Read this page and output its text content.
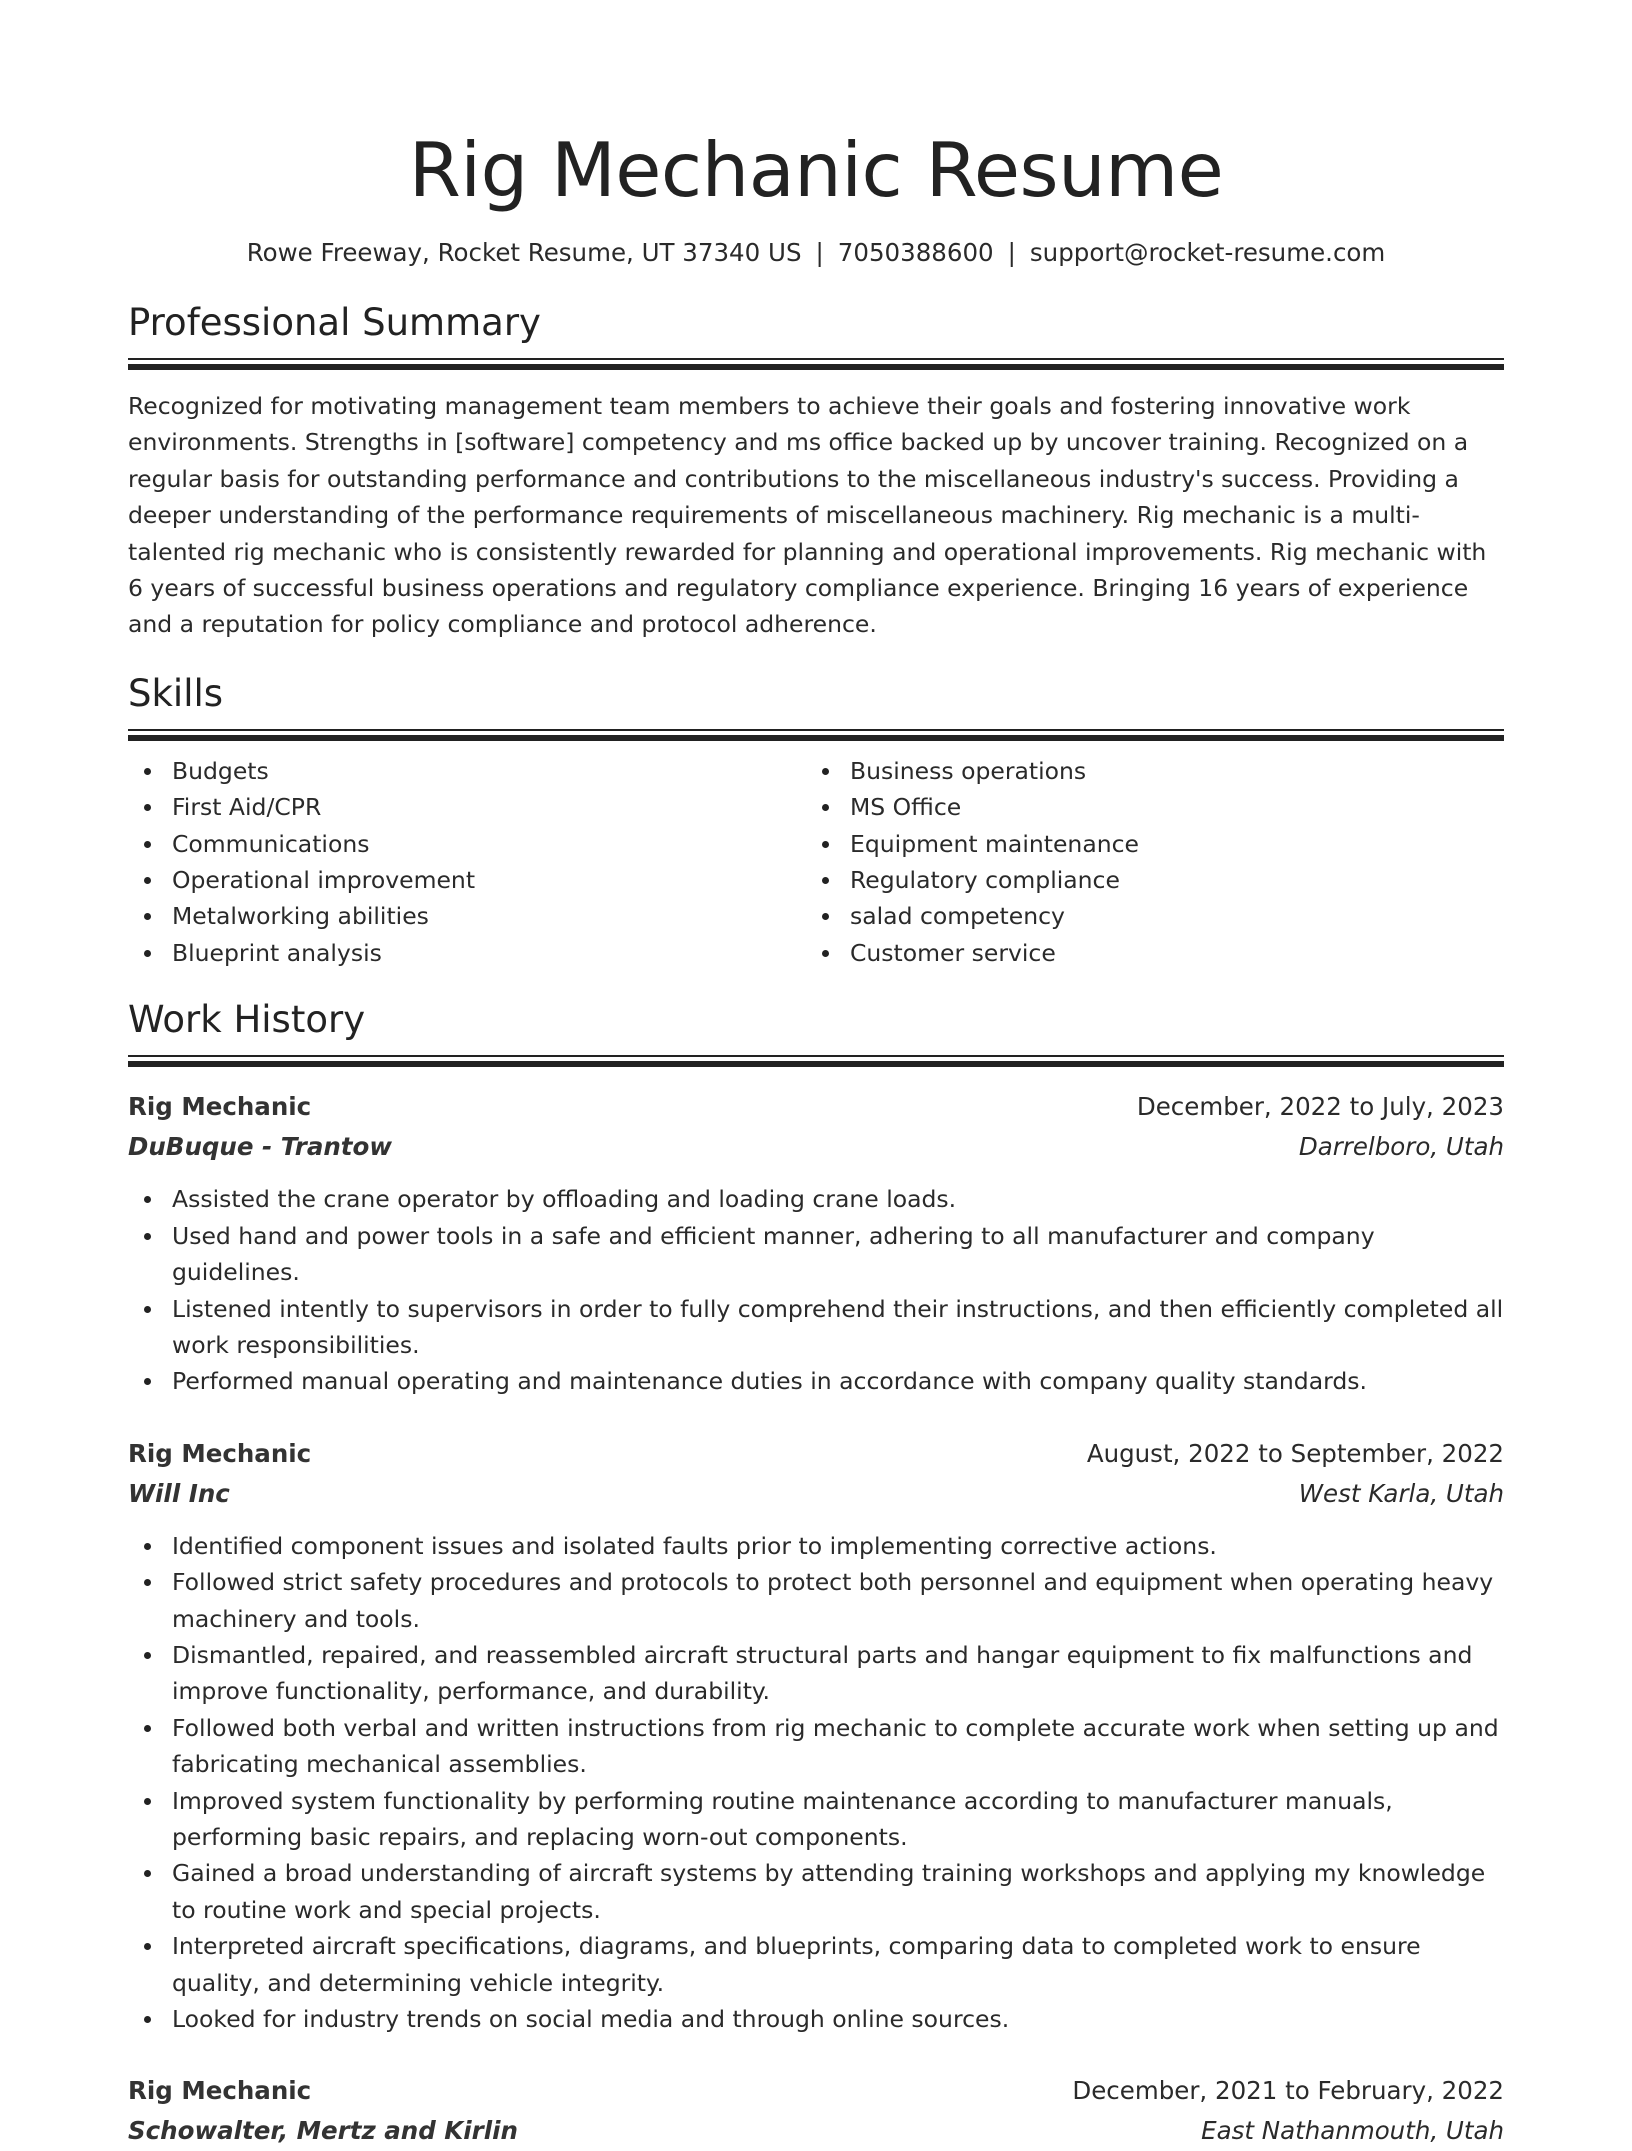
Rig Mechanic Resume
Rowe Freeway, Rocket Resume, UT 37340 US | 7050388600 | support@rocket-resume.com
Professional Summary

Recognized for motivating management team members to achieve their goals and fostering innovative work environments. Strengths in [software] competency and ms office backed up by uncover training. Recognized on a regular basis for outstanding performance and contributions to the miscellaneous industry's success. Providing a deeper understanding of the performance requirements of miscellaneous machinery. Rig mechanic is a multi-talented rig mechanic who is consistently rewarded for planning and operational improvements. Rig mechanic with 6 years of successful business operations and regulatory compliance experience. Bringing 16 years of experience and a reputation for policy compliance and protocol adherence.

Skills
Budgets
First Aid/CPR
Communications
Operational improvement
Metalworking abilities
Blueprint analysis
Business operations
MS Office
Equipment maintenance
Regulatory compliance
salad competency
Customer service
Work History
Rig Mechanic	December, 2022 to July, 2023
DuBuque - Trantow	Darrelboro, Utah
Assisted the crane operator by offloading and loading crane loads.
Used hand and power tools in a safe and efficient manner, adhering to all manufacturer and company guidelines.
Listened intently to supervisors in order to fully comprehend their instructions, and then efficiently completed all work responsibilities.
Performed manual operating and maintenance duties in accordance with company quality standards.
Rig Mechanic	August, 2022 to September, 2022
Will Inc	West Karla, Utah
Identified component issues and isolated faults prior to implementing corrective actions.
Followed strict safety procedures and protocols to protect both personnel and equipment when operating heavy machinery and tools.
Dismantled, repaired, and reassembled aircraft structural parts and hangar equipment to fix malfunctions and improve functionality, performance, and durability.
Followed both verbal and written instructions from rig mechanic to complete accurate work when setting up and fabricating mechanical assemblies.
Improved system functionality by performing routine maintenance according to manufacturer manuals, performing basic repairs, and replacing worn-out components.
Gained a broad understanding of aircraft systems by attending training workshops and applying my knowledge to routine work and special projects.
Interpreted aircraft specifications, diagrams, and blueprints, comparing data to completed work to ensure quality, and determining vehicle integrity.
Looked for industry trends on social media and through online sources.
Rig Mechanic	December, 2021 to February, 2022
Schowalter, Mertz and Kirlin	East Nathanmouth, Utah
